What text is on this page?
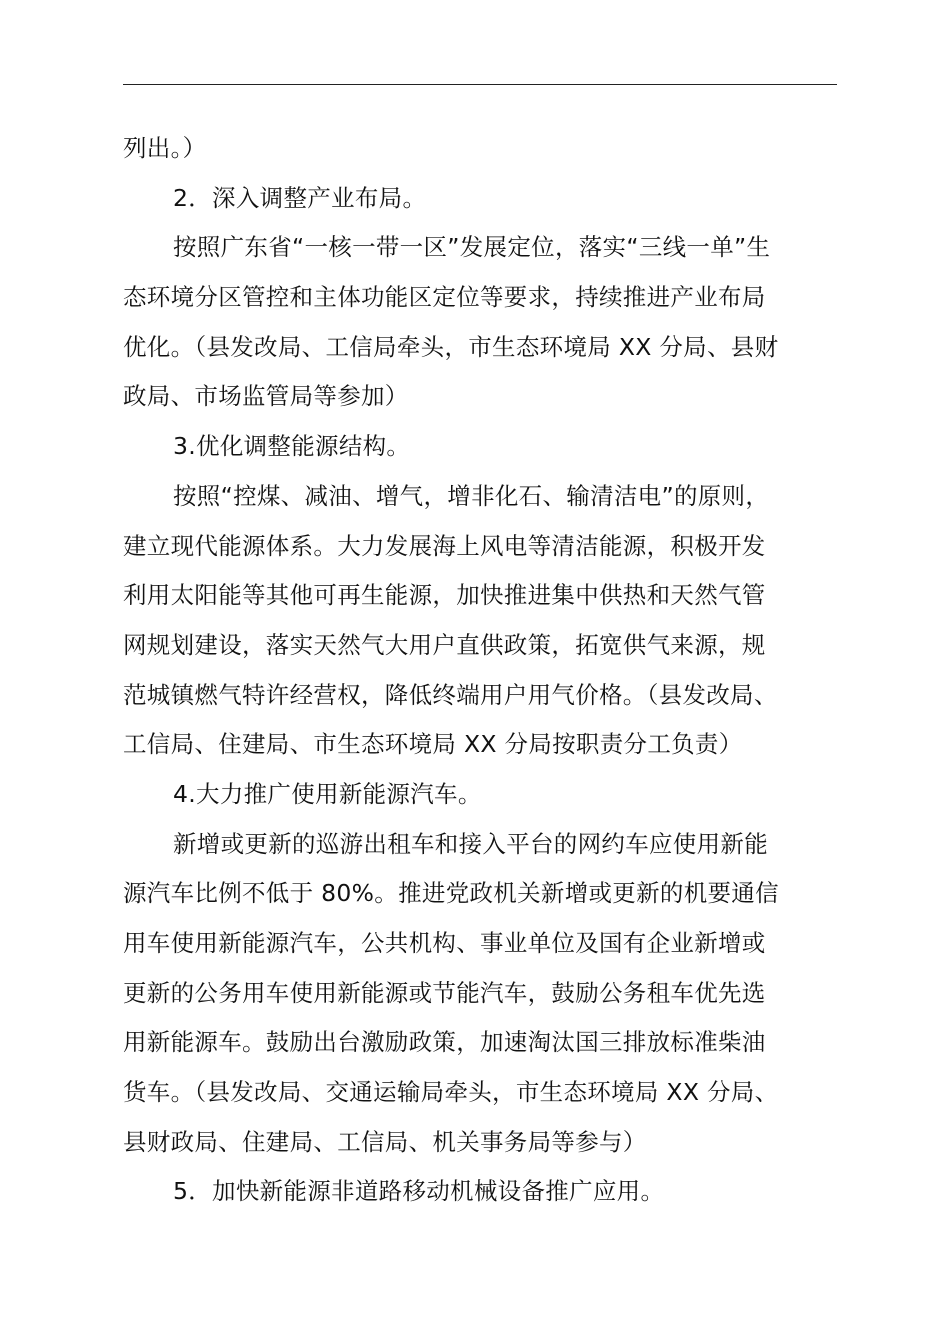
列出。）
2．深入调整产业布局。
按照广东省“一核一带一区”发展定位，落实“三线一单”生
态环境分区管控和主体功能区定位等要求，持续推进产业布局
优化。（县发改局、工信局牵头，市生态环境局 XX 分局、县财
政局、市场监管局等参加）
3.优化调整能源结构。
按照“控煤、减油、增气，增非化石、输清洁电”的原则，
建立现代能源体系。大力发展海上风电等清洁能源，积极开发
利用太阳能等其他可再生能源，加快推进集中供热和天然气管
网规划建设，落实天然气大用户直供政策，拓宽供气来源，规
范城镇燃气特许经营权，降低终端用户用气价格。（县发改局、
工信局、住建局、市生态环境局 XX 分局按职责分工负责）
4.大力推广使用新能源汽车。
新增或更新的巡游出租车和接入平台的网约车应使用新能
源汽车比例不低于 80%。推进党政机关新增或更新的机要通信
用车使用新能源汽车，公共机构、事业单位及国有企业新增或
更新的公务用车使用新能源或节能汽车，鼓励公务租车优先选
用新能源车。鼓励出台激励政策，加速淘汰国三排放标准柴油
货车。（县发改局、交通运输局牵头，市生态环境局 XX 分局、
县财政局、住建局、工信局、机关事务局等参与）
5．加快新能源非道路移动机械设备推广应用。
